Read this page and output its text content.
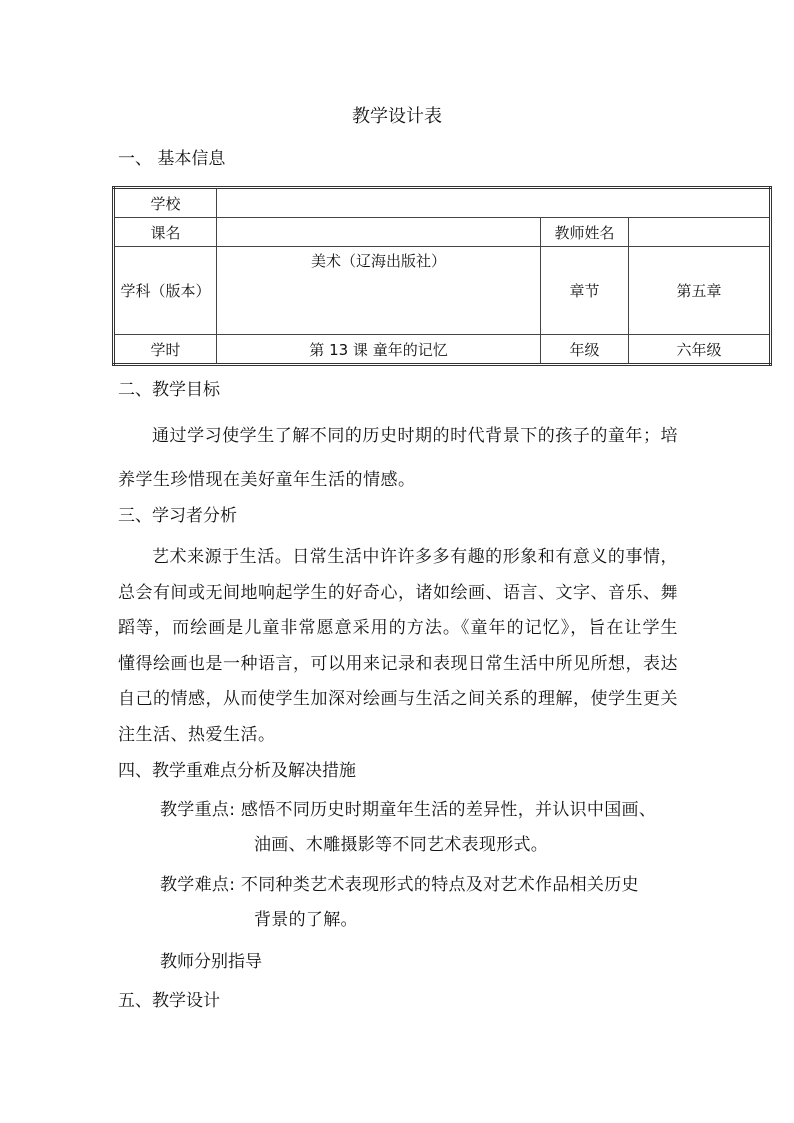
教学设计表
一、 基本信息
学校			
课名		教师姓名	
学科（版本）	美术（辽海出版社）	章节	第五章
学时	第 13 课 童年的记忆	年级	六年级
二、教学目标
通过学习使学生了解不同的历史时期的时代背景下的孩子的童年；培养学生珍惜现在美好童年生活的情感。
三、学习者分析
艺术来源于生活。日常生活中许许多多有趣的形象和有意义的事情，总会有间或无间地响起学生的好奇心，诸如绘画、语言、文字、音乐、舞蹈等，而绘画是儿童非常愿意采用的方法。《童年的记忆》，旨在让学生懂得绘画也是一种语言，可以用来记录和表现日常生活中所见所想，表达自己的情感，从而使学生加深对绘画与生活之间关系的理解，使学生更关注生活、热爱生活。
四、教学重难点分析及解决措施
教学重点: 感悟不同历史时期童年生活的差异性，并认识中国画、
油画、木雕摄影等不同艺术表现形式。
教学难点: 不同种类艺术表现形式的特点及对艺术作品相关历史
背景的了解。
教师分别指导
五、教学设计
